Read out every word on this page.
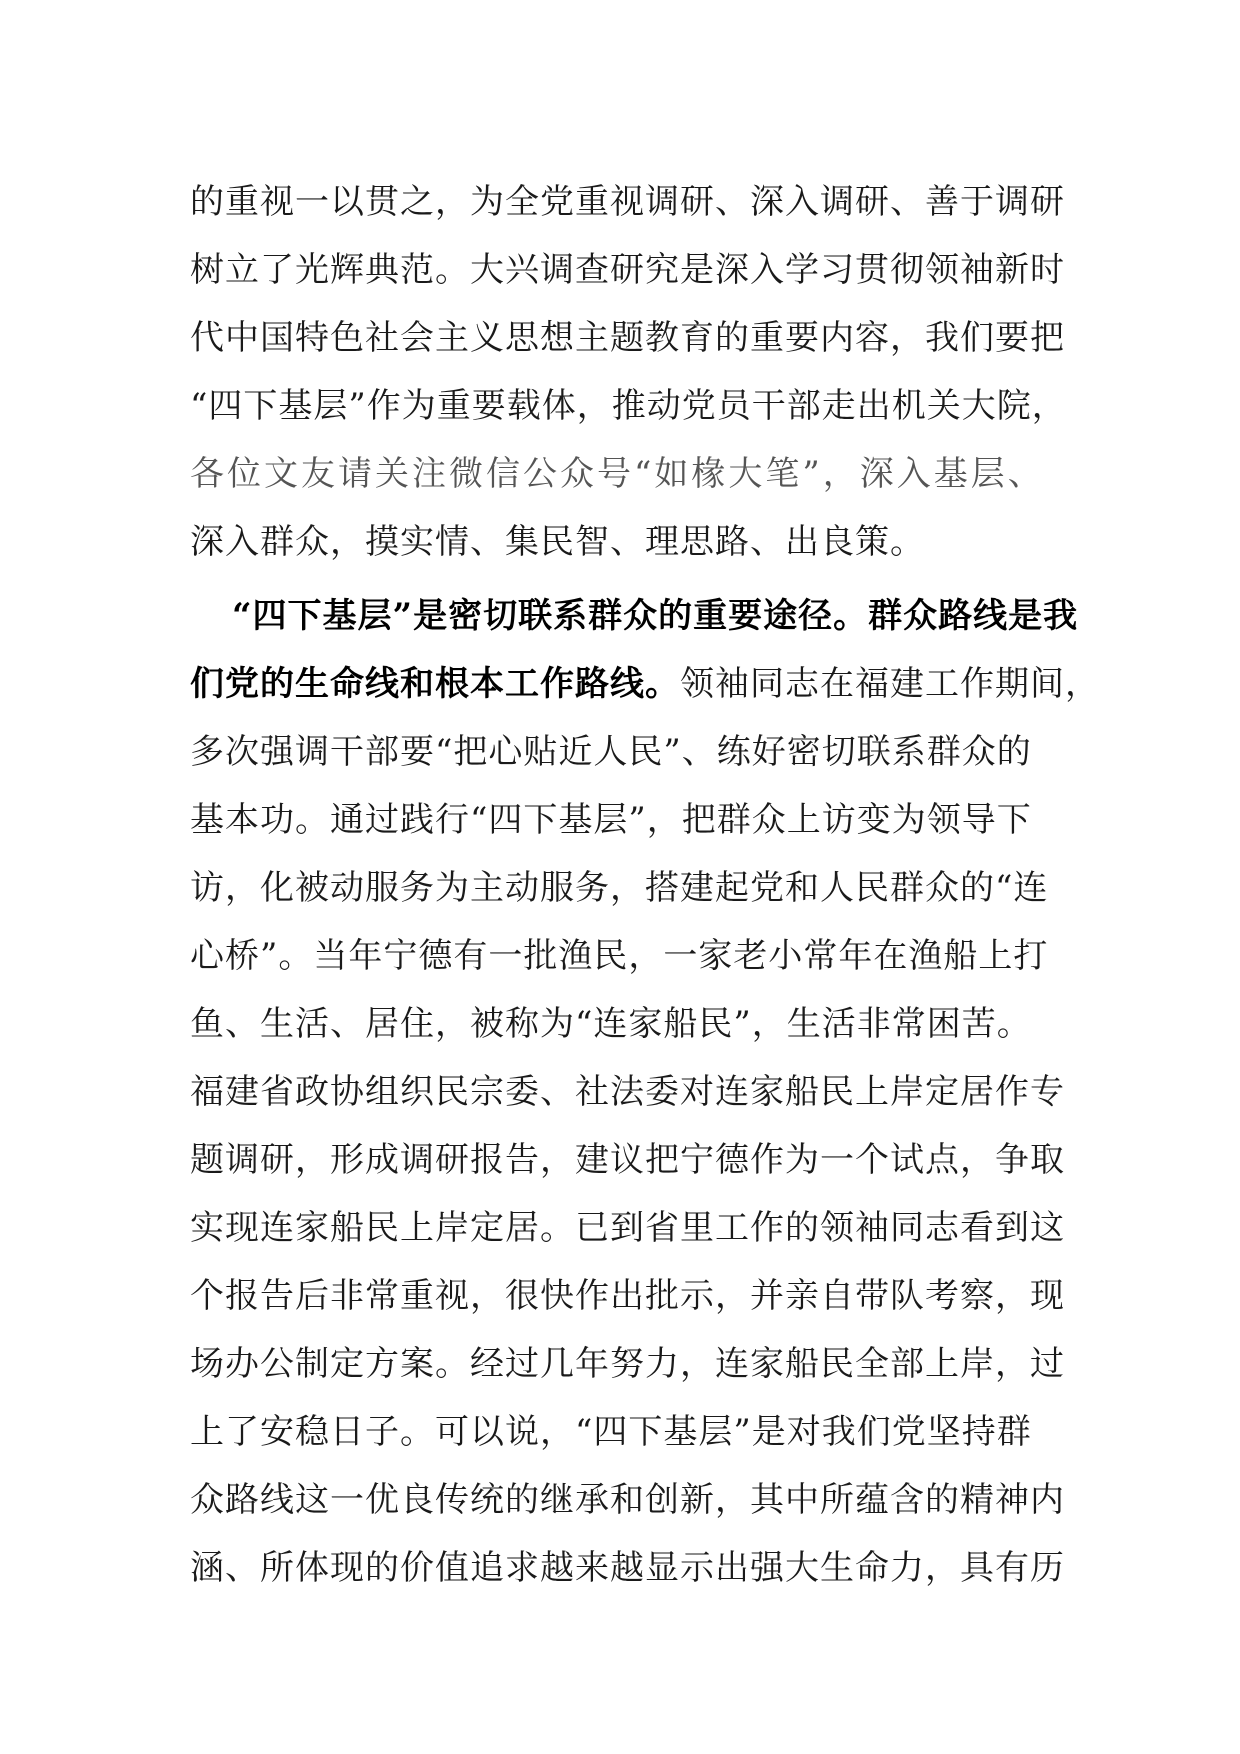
的重视一以贯之，为全党重视调研、深入调研、善于调研
树立了光辉典范。大兴调查研究是深入学习贯彻领袖新时
代中国特色社会主义思想主题教育的重要内容，我们要把
“四下基层”作为重要载体，推动党员干部走出机关大院，
各位文友请关注微信公众号“如椽大笔”，深入基层、
深入群众，摸实情、集民智、理思路、出良策。
“四下基层”是密切联系群众的重要途径。群众路线是我
们党的生命线和根本工作路线。领袖同志在福建工作期间，
多次强调干部要“把心贴近人民”、练好密切联系群众的
基本功。通过践行“四下基层”，把群众上访变为领导下
访，化被动服务为主动服务，搭建起党和人民群众的“连
心桥”。当年宁德有一批渔民，一家老小常年在渔船上打
鱼、生活、居住，被称为“连家船民”，生活非常困苦。
福建省政协组织民宗委、社法委对连家船民上岸定居作专
题调研，形成调研报告，建议把宁德作为一个试点，争取
实现连家船民上岸定居。已到省里工作的领袖同志看到这
个报告后非常重视，很快作出批示，并亲自带队考察，现
场办公制定方案。经过几年努力，连家船民全部上岸，过
上了安稳日子。可以说，“四下基层”是对我们党坚持群
众路线这一优良传统的继承和创新，其中所蕴含的精神内
涵、所体现的价值追求越来越显示出强大生命力，具有历
